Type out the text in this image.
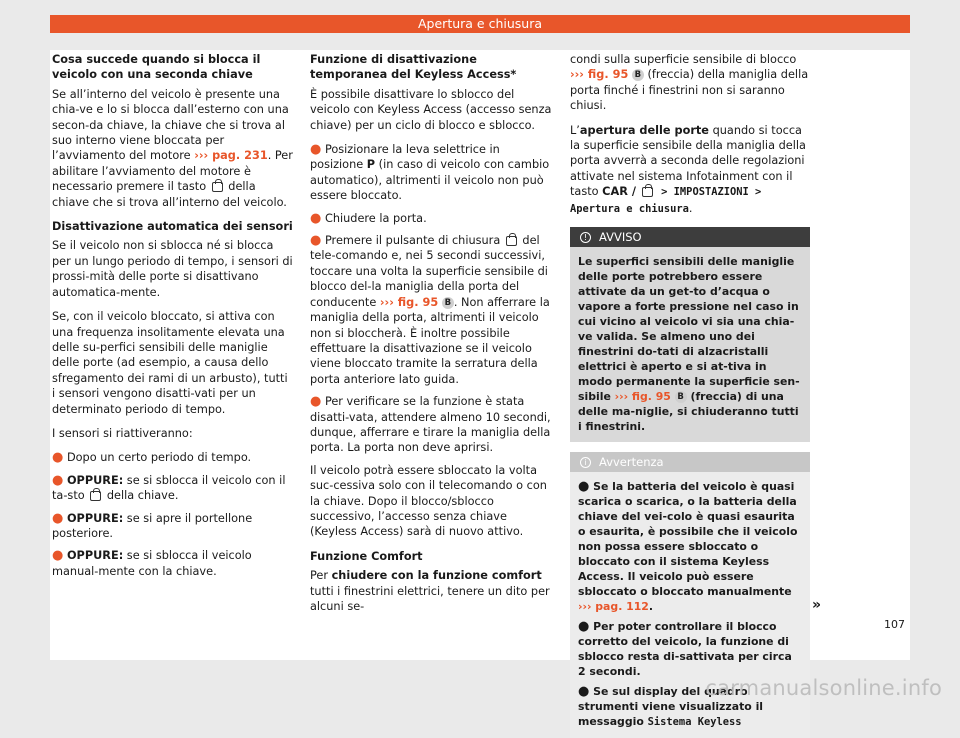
Apertura e chiusura
Cosa succede quando si blocca il veicolo con una seconda chiave

Se all’interno del veicolo è presente una chia-ve e lo si blocca dall’esterno con una secon-da chiave, la chiave che si trova al suo interno viene bloccata per l’avviamento del motore ››› pag. 231. Per abilitare l’avviamento del motore è necessario premere il tasto  della chiave che si trova all’interno del veicolo.

Disattivazione automatica dei sensori

Se il veicolo non si sblocca né si blocca per un lungo periodo di tempo, i sensori di prossi-mità delle porte si disattivano automatica-mente.

Se, con il veicolo bloccato, si attiva con una frequenza insolitamente elevata una delle su-perfici sensibili delle maniglie delle porte (ad esempio, a causa dello sfregamento dei rami di un arbusto), tutti i sensori vengono disatti-vati per un determinato periodo di tempo.

I sensori si riattiveranno:

● Dopo un certo periodo di tempo.
● OPPURE: se si sblocca il veicolo con il ta-sto  della chiave.
● OPPURE: se si apre il portellone posteriore.
● OPPURE: se si sblocca il veicolo manual-mente con la chiave.
Funzione di disattivazione temporanea del Keyless Access*

È possibile disattivare lo sblocco del veicolo con Keyless Access (accesso senza chiave) per un ciclo di blocco e sblocco.

● Posizionare la leva selettrice in posizione P (in caso di veicolo con cambio automatico), altrimenti il veicolo non può essere bloccato.
● Chiudere la porta.
● Premere il pulsante di chiusura  del tele-comando e, nei 5 secondi successivi, toccare una volta la superficie sensibile di blocco del-la maniglia della porta del conducente ››› fig. 95 B . Non afferrare la maniglia della porta, altrimenti il veicolo non si bloccherà. È inoltre possibile effettuare la disattivazione se il veicolo viene bloccato tramite la serratura della porta anteriore lato guida.
● Per verificare se la funzione è stata disatti-vata, attendere almeno 10 secondi, dunque, afferrare e tirare la maniglia della porta. La porta non deve aprirsi.

Il veicolo potrà essere sbloccato la volta suc-cessiva solo con il telecomando o con la chiave. Dopo il blocco/sblocco successivo, l’accesso senza chiave (Keyless Access) sarà di nuovo attivo.

Funzione Comfort

Per chiudere con la funzione comfort tutti i finestrini elettrici, tenere un dito per alcuni se-

condi sulla superficie sensibile di blocco ››› fig. 95 B (freccia) della maniglia della porta finché i finestrini non si saranno chiusi.

L’apertura delle porte quando si tocca la superficie sensibile della maniglia della porta avverrà a seconda delle regolazioni attivate nel sistema Infotainment con il tasto CAR /  > IMPOSTAZIONI > Apertura e chiusura.

! AVVISO
Le superfici sensibili delle maniglie delle porte potrebbero essere attivate da un get-to d’acqua o vapore a forte pressione nel caso in cui vicino al veicolo vi sia una chia-ve valida. Se almeno uno dei finestrini do-tati di alzacristalli elettrici è aperto e si at-tiva in modo permanente la superficie sen-sibile ››› fig. 95 B (freccia) di una delle ma-niglie, si chiuderanno tutti i finestrini.
i Avvertenza
● Se la batteria del veicolo è quasi scarica o scarica, o la batteria della chiave del vei-colo è quasi esaurita o esaurita, è possibile che il veicolo non possa essere sbloccato o bloccato con il sistema Keyless Access. Il veicolo può essere sbloccato o bloccato manualmente ››› pag. 112.
● Per poter controllare il blocco corretto del veicolo, la funzione di sblocco resta di-sattivata per circa 2 secondi.
● Se sul display del quadro strumenti viene visualizzato il messaggio Sistema Keyless
»
107
carmanualsonline.info
